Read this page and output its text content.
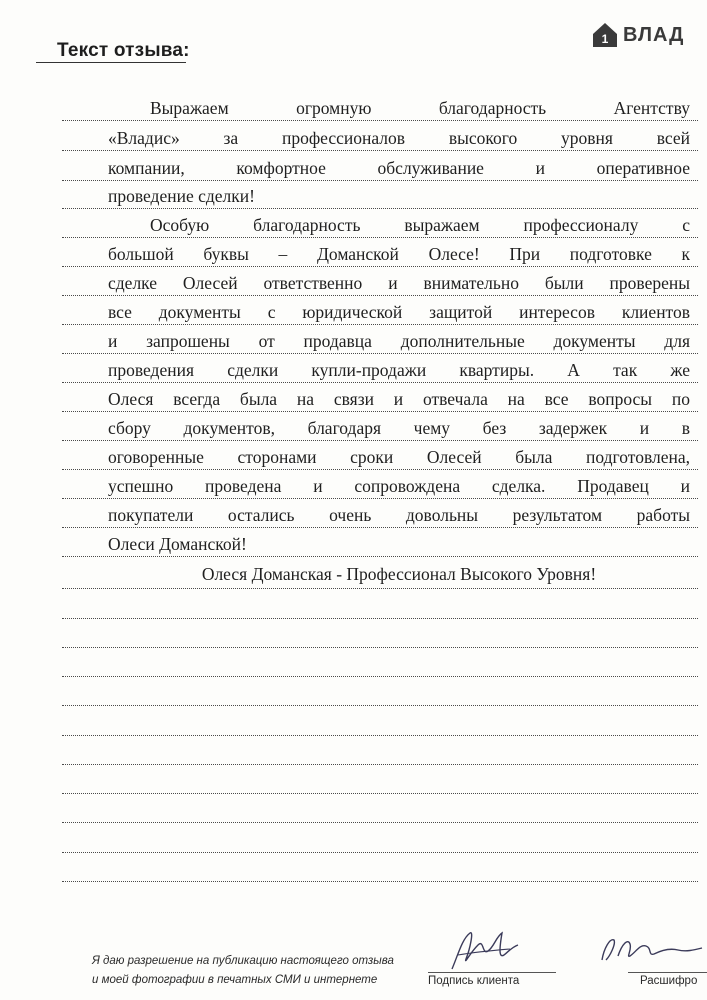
Текст отзыва:
1 ВЛАД
Выражаем огромную благодарность Агентству
«Владис» за профессионалов высокого уровня всей
компании, комфортное обслуживание и оперативное
проведение сделки!
Особую благодарность выражаем профессионалу с
большой буквы – Доманской Олесе! При подготовке к
сделке Олесей ответственно и внимательно были проверены
все документы с юридической защитой интересов клиентов
и запрошены от продавца дополнительные документы для
проведения сделки купли-продажи квартиры. А так же
Олеся всегда была на связи и отвечала на все вопросы по
сбору документов, благодаря чему без задержек и в
оговоренные сторонами сроки Олесей была подготовлена,
успешно проведена и сопровождена сделка. Продавец и
покупатели остались очень довольны результатом работы
Олеси Доманской!
Олеся Доманская - Профессионал Высокого Уровня!
Я даю разрешение на публикацию настоящего отзыва
и моей фотографии в печатных СМИ и интернете	Подпись клиента	Расшифро
